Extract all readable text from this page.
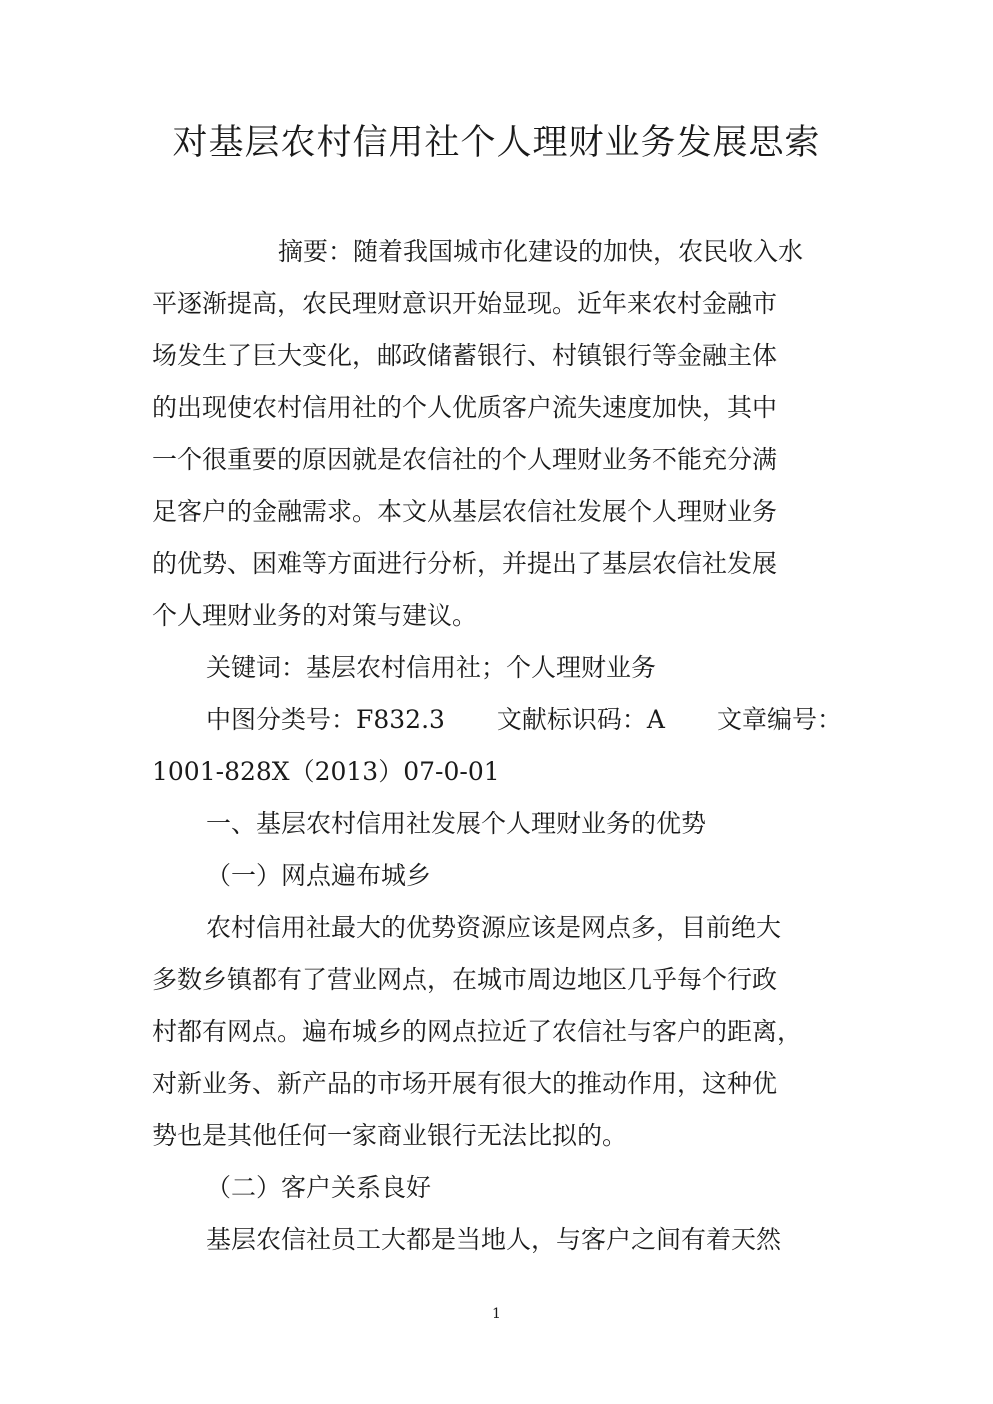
对基层农村信用社个人理财业务发展思索

摘要：随着我国城市化建设的加快，农民收入水

平逐渐提高，农民理财意识开始显现。近年来农村金融市

场发生了巨大变化，邮政储蓄银行、村镇银行等金融主体

的出现使农村信用社的个人优质客户流失速度加快，其中

一个很重要的原因就是农信社的个人理财业务不能充分满

足客户的金融需求。本文从基层农信社发展个人理财业务

的优势、困难等方面进行分析，并提出了基层农信社发展

个人理财业务的对策与建议。

关键词：基层农村信用社；个人理财业务

中图分类号：F832.3 文献标识码：A 文章编号：

1001-828X（2013）07-0-01

一、基层农村信用社发展个人理财业务的优势

（一）网点遍布城乡

农村信用社最大的优势资源应该是网点多，目前绝大

多数乡镇都有了营业网点，在城市周边地区几乎每个行政

村都有网点。遍布城乡的网点拉近了农信社与客户的距离，

对新业务、新产品的市场开展有很大的推动作用，这种优

势也是其他任何一家商业银行无法比拟的。

（二）客户关系良好

基层农信社员工大都是当地人，与客户之间有着天然

1
